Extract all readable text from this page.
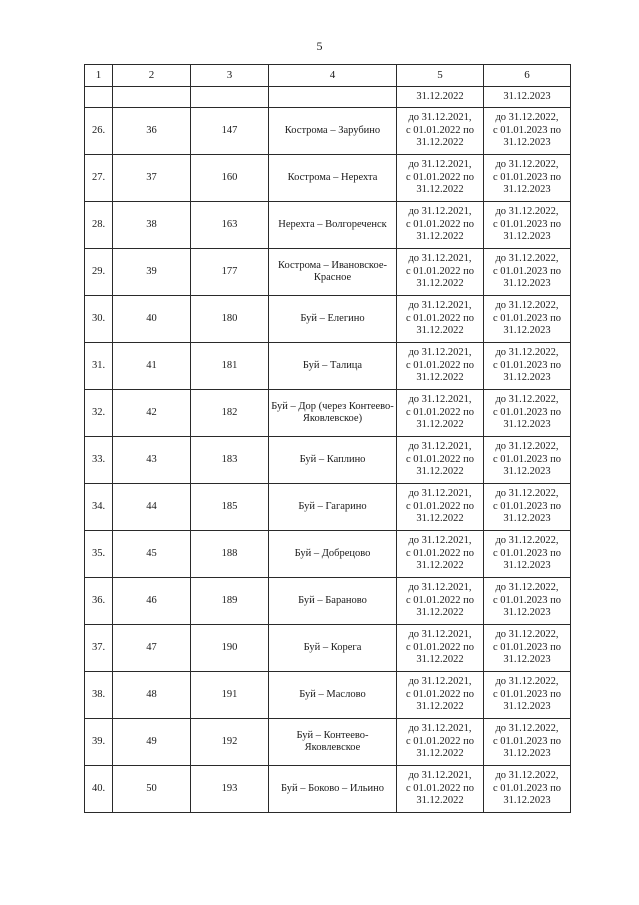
5
1	2	3	4	5	6
				31.12.2022	31.12.2023
26.	36	147	Кострома – Зарубино	до 31.12.2021,
с 01.01.2022 по
31.12.2022	до 31.12.2022,
с 01.01.2023 по
31.12.2023
27.	37	160	Кострома – Нерехта	до 31.12.2021,
с 01.01.2022 по
31.12.2022	до 31.12.2022,
с 01.01.2023 по
31.12.2023
28.	38	163	Нерехта – Волгореченск	до 31.12.2021,
с 01.01.2022 по
31.12.2022	до 31.12.2022,
с 01.01.2023 по
31.12.2023
29.	39	177	Кострома – Ивановское-Красное	до 31.12.2021,
с 01.01.2022 по
31.12.2022	до 31.12.2022,
с 01.01.2023 по
31.12.2023
30.	40	180	Буй – Елегино	до 31.12.2021,
с 01.01.2022 по
31.12.2022	до 31.12.2022,
с 01.01.2023 по
31.12.2023
31.	41	181	Буй – Талица	до 31.12.2021,
с 01.01.2022 по
31.12.2022	до 31.12.2022,
с 01.01.2023 по
31.12.2023
32.	42	182	Буй – Дор (через Контеево-Яковлевское)	до 31.12.2021,
с 01.01.2022 по
31.12.2022	до 31.12.2022,
с 01.01.2023 по
31.12.2023
33.	43	183	Буй – Каплино	до 31.12.2021,
с 01.01.2022 по
31.12.2022	до 31.12.2022,
с 01.01.2023 по
31.12.2023
34.	44	185	Буй – Гагарино	до 31.12.2021,
с 01.01.2022 по
31.12.2022	до 31.12.2022,
с 01.01.2023 по
31.12.2023
35.	45	188	Буй – Добрецово	до 31.12.2021,
с 01.01.2022 по
31.12.2022	до 31.12.2022,
с 01.01.2023 по
31.12.2023
36.	46	189	Буй – Бараново	до 31.12.2021,
с 01.01.2022 по
31.12.2022	до 31.12.2022,
с 01.01.2023 по
31.12.2023
37.	47	190	Буй – Корега	до 31.12.2021,
с 01.01.2022 по
31.12.2022	до 31.12.2022,
с 01.01.2023 по
31.12.2023
38.	48	191	Буй – Маслово	до 31.12.2021,
с 01.01.2022 по
31.12.2022	до 31.12.2022,
с 01.01.2023 по
31.12.2023
39.	49	192	Буй – Контеево-Яковлевское	до 31.12.2021,
с 01.01.2022 по
31.12.2022	до 31.12.2022,
с 01.01.2023 по
31.12.2023
40.	50	193	Буй – Боково – Ильино	до 31.12.2021,
с 01.01.2022 по
31.12.2022	до 31.12.2022,
с 01.01.2023 по
31.12.2023
